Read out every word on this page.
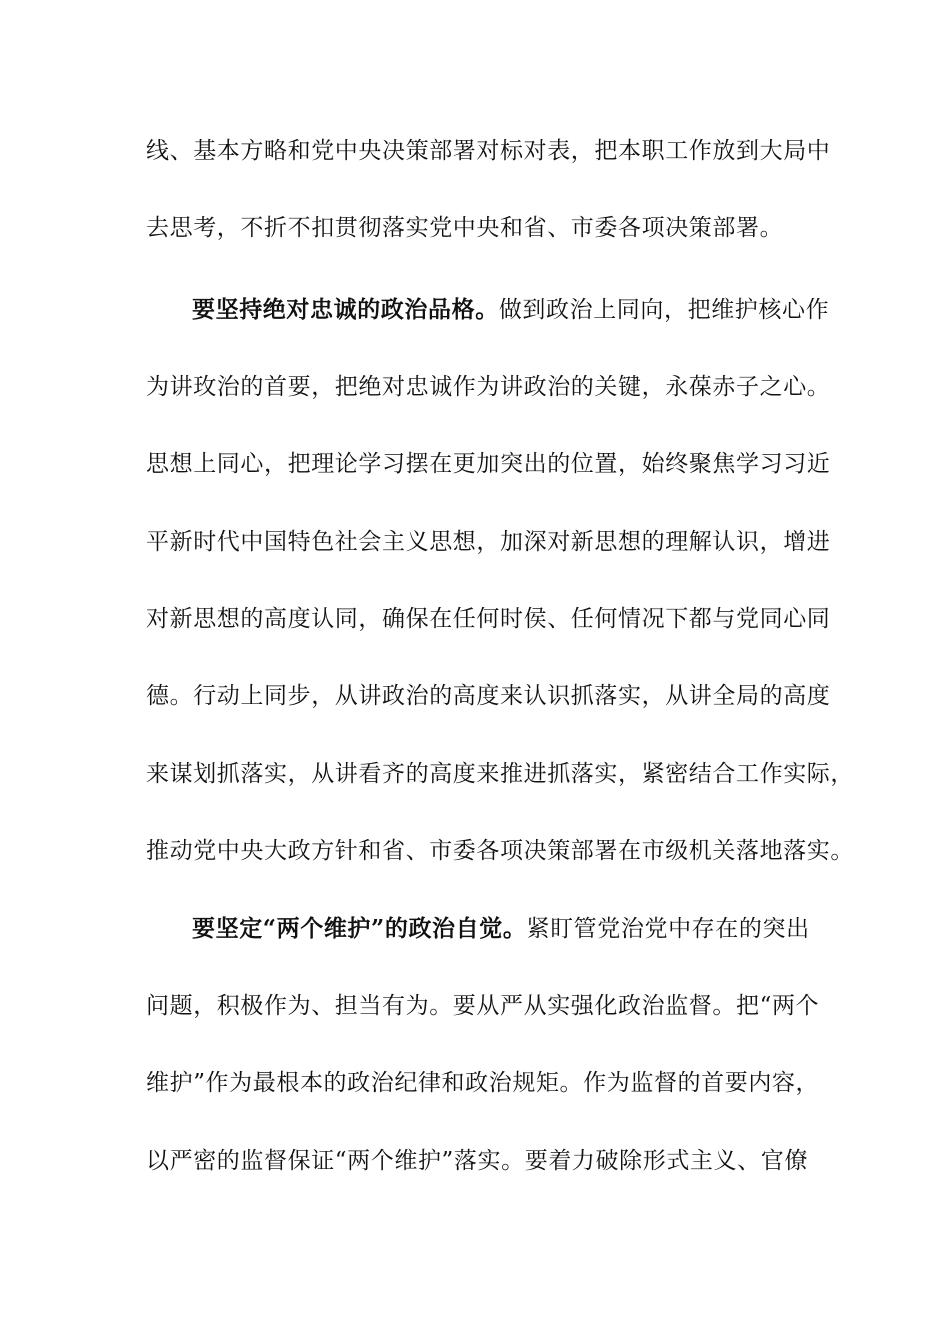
线、基本方略和党中央决策部署对标对表，把本职工作放到大局中
去思考，不折不扣贯彻落实党中央和省、市委各项决策部署。
要坚持绝对忠诚的政治品格。做到政治上同向，把维护核心作
为讲玫治的首要，把绝对忠诚作为讲政治的关键，永葆赤子之心。
思想上同心，把理论学习摆在更加突出的位置，始终聚焦学习习近
平新时代中国特色社会主义思想，加深对新思想的理解认识，增进
对新思想的高度认同，确保在任何时侯、任何情况下都与党同心同
德。行动上同步，从讲政治的高度来认识抓落实，从讲全局的高度
来谋划抓落实，从讲看齐的高度来推进抓落实，紧密结合工作实际，
推动党中央大政方针和省、市委各项决策部署在市级机关落地落实。
要坚定“两个维护”的政治自觉。紧盯管党治党中存在的突出
问题，积极作为、担当有为。要从严从实强化政治监督。把“两个
维护”作为最根本的政治纪律和政治规矩。作为监督的首要内容，
以严密的监督保证“两个维护”落实。要着力破除形式主义、官僚
